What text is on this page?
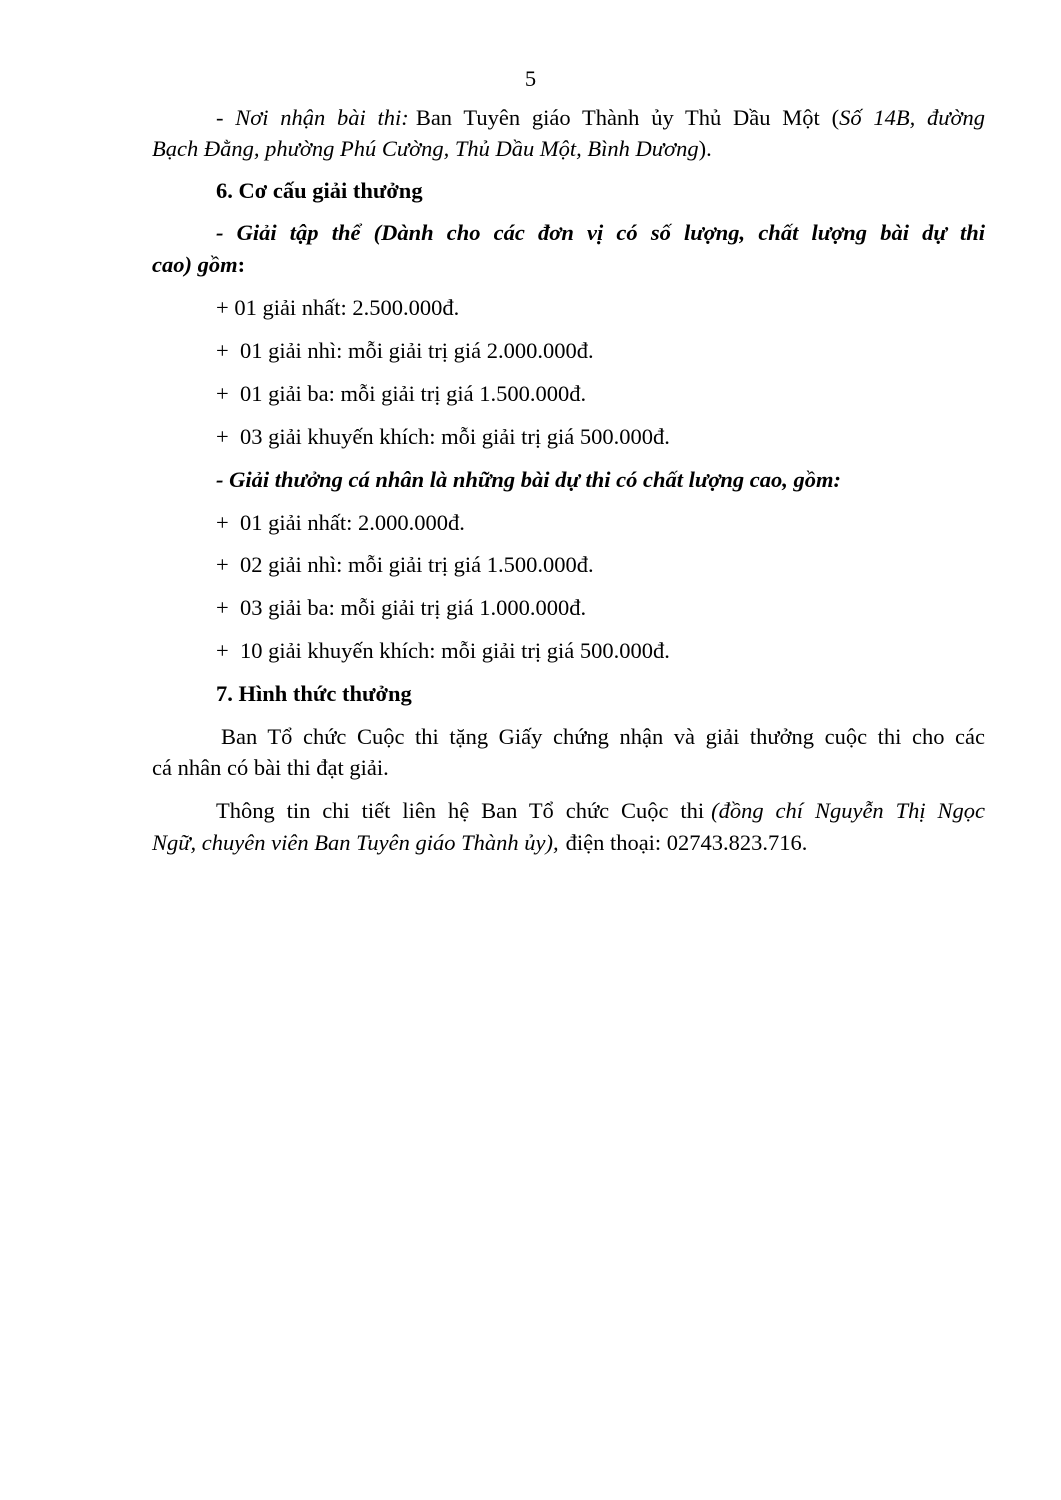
5
- Nơi nhận bài thi: Ban Tuyên giáo Thành ủy Thủ Dầu Một (Số 14B, đường
Bạch Đằng, phường Phú Cường, Thủ Dầu Một, Bình Dương).
6. Cơ cấu giải thưởng
- Giải tập thể (Dành cho các đơn vị có số lượng, chất lượng bài dự thi
cao) gồm:
+ 01 giải nhất: 2.500.000đ.
+  01 giải nhì: mỗi giải trị giá 2.000.000đ.
+  01 giải ba: mỗi giải trị giá 1.500.000đ.
+  03 giải khuyến khích: mỗi giải trị giá 500.000đ.
- Giải thưởng cá nhân là những bài dự thi có chất lượng cao, gồm:
+  01 giải nhất: 2.000.000đ.
+  02 giải nhì: mỗi giải trị giá 1.500.000đ.
+  03 giải ba: mỗi giải trị giá 1.000.000đ.
+  10 giải khuyến khích: mỗi giải trị giá 500.000đ.
7. Hình thức thưởng
Ban Tổ chức Cuộc thi tặng Giấy chứng nhận và giải thưởng cuộc thi cho các
cá nhân có bài thi đạt giải.
Thông tin chi tiết liên hệ Ban Tổ chức Cuộc thi (đồng chí Nguyễn Thị Ngọc
Ngữ, chuyên viên Ban Tuyên giáo Thành ủy), điện thoại: 02743.823.716.
